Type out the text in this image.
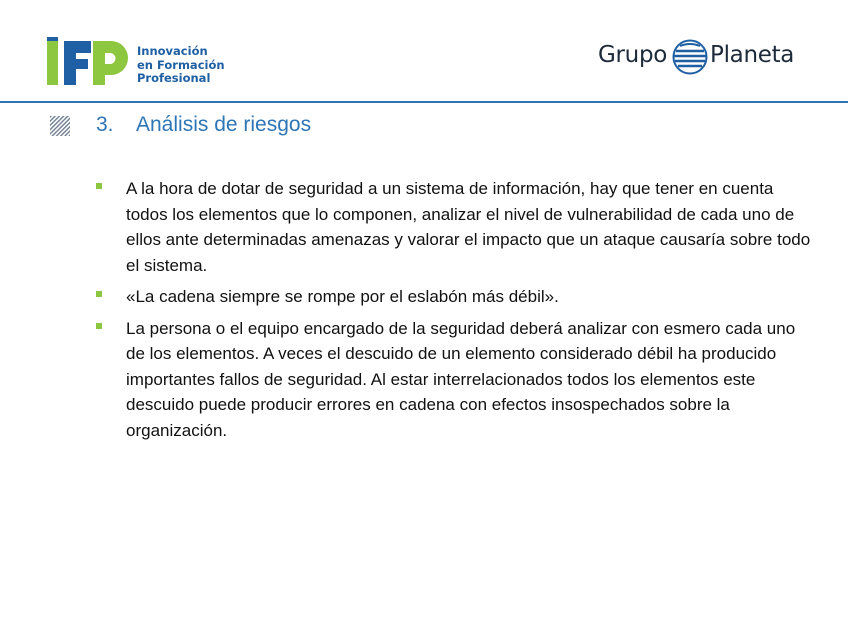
Innovación
en Formación
Profesional
Grupo Planeta
3. Análisis de riesgos
A la hora de dotar de seguridad a un sistema de información, hay que tener en cuenta todos los elementos que lo componen, analizar el nivel de vulnerabilidad de cada uno de ellos ante determinadas amenazas y valorar el impacto que un ataque causaría sobre todo el sistema.
«La cadena siempre se rompe por el eslabón más débil».
La persona o el equipo encargado de la seguridad deberá analizar con esmero cada uno de los elementos. A veces el descuido de un elemento considerado débil ha producido importantes fallos de seguridad. Al estar interrelacionados todos los elementos este descuido puede producir errores en cadena con efectos insospechados sobre la organización.
